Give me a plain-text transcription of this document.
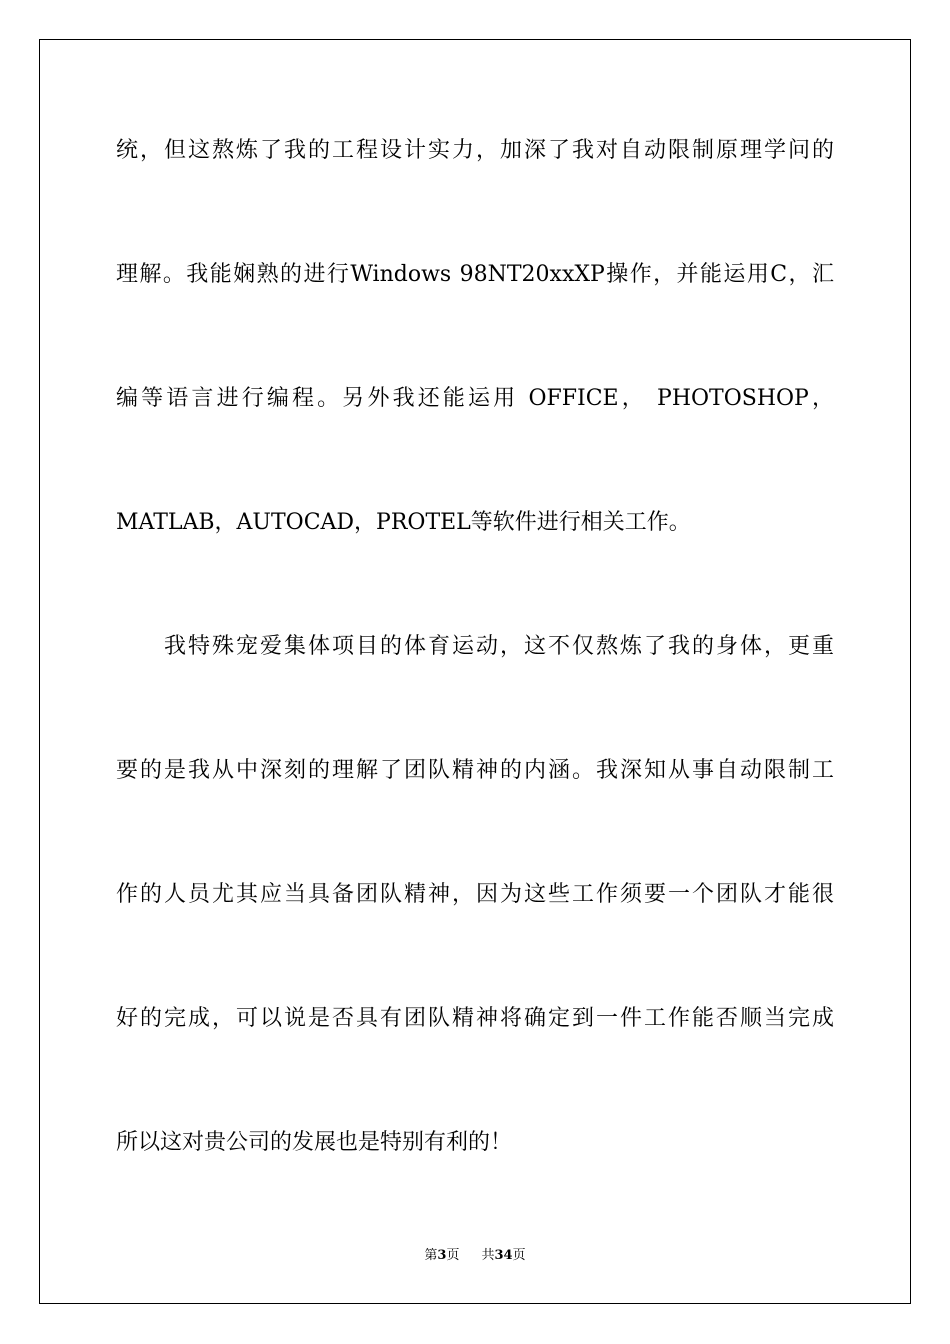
统，但这熬炼了我的工程设计实力，加深了我对自动限制原理学问的
理解。我能娴熟的进行Windows 98NT20xxXP操作，并能运用C，汇
编等语言进行编程。另外我还能运用 OFFICE， PHOTOSHOP，
MATLAB，AUTOCAD，PROTEL等软件进行相关工作。
我特殊宠爱集体项目的体育运动，这不仅熬炼了我的身体，更重
要的是我从中深刻的理解了团队精神的内涵。我深知从事自动限制工
作的人员尤其应当具备团队精神，因为这些工作须要一个团队才能很
好的完成，可以说是否具有团队精神将确定到一件工作能否顺当完成
所以这对贵公司的发展也是特别有利的！
第3页 共34页
